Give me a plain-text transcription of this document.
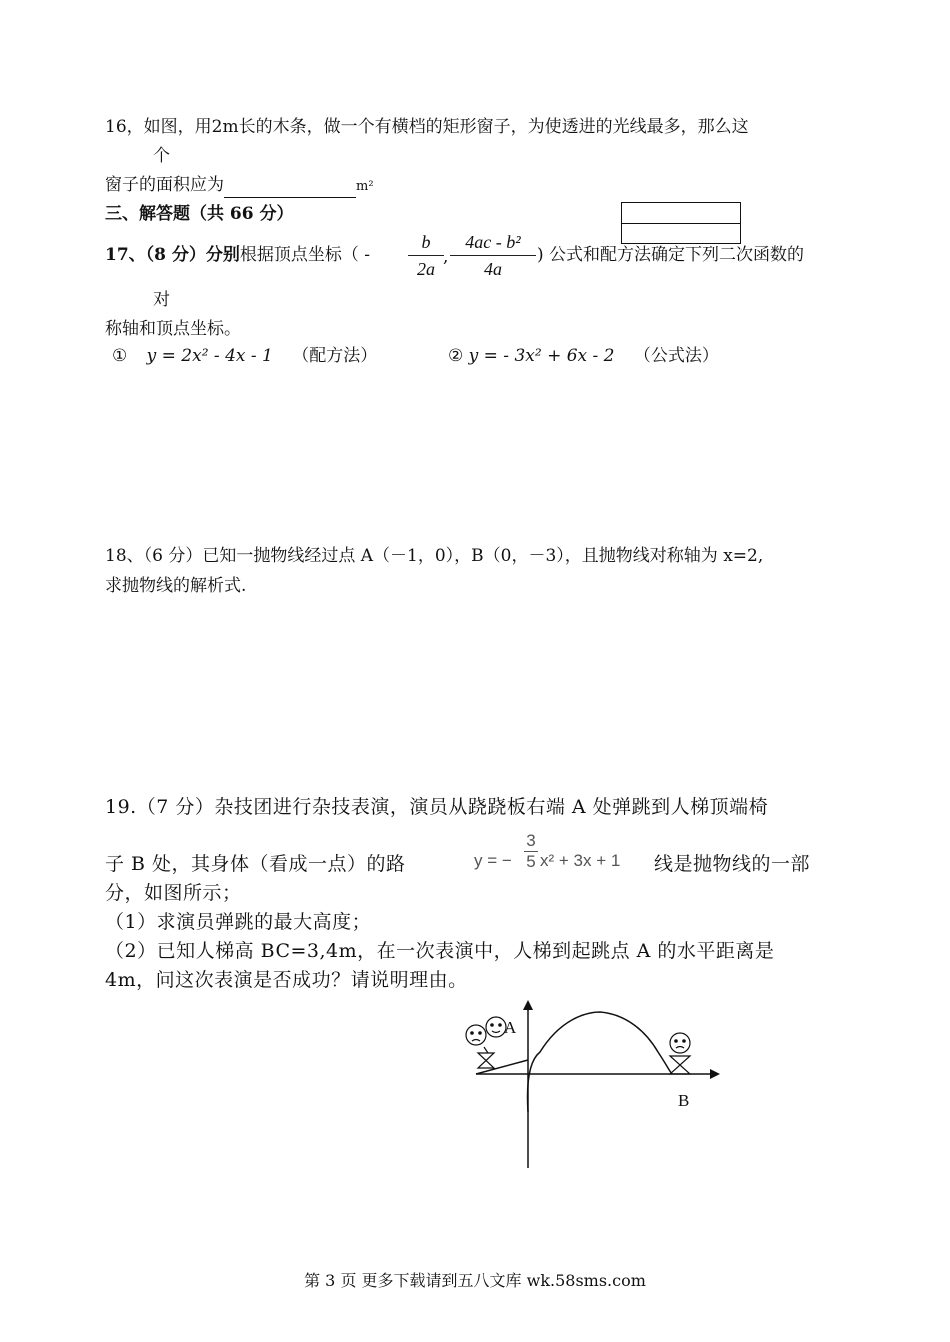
16，如图，用2m长的木条，做一个有横档的矩形窗子，为使透进的光线最多，那么这
个
窗子的面积应为	m²
三、解答题（共 66 分）
17、（8 分）分别根据顶点坐标（ -
b
2a
,
4ac - b²
4a
) 公式和配方法确定下列二次函数的
对
称轴和顶点坐标。
① y = 2x² - 4x - 1 （配方法）	② y = - 3x² + 6x - 2 （公式法）
18、（6 分）已知一抛物线经过点 A（－1，0），B（0，－3），且抛物线对称轴为 x=2,
求抛物线的解析式.
19.（7 分）杂技团进行杂技表演，演员从跷跷板右端 A 处弹跳到人梯顶端椅
子 B 处，其身体（看成一点）的路	y = −
3
5 x² + 3x + 1 线是抛物线的一部
分，如图所示；
（1）求演员弹跳的最大高度；
（2）已知人梯高 BC=3,4m，在一次表演中，人梯到起跳点 A 的水平距离是
4m，问这次表演是否成功？请说明理由。
A
B
第 3 页 更多下载请到五八文库 wk.58sms.com
